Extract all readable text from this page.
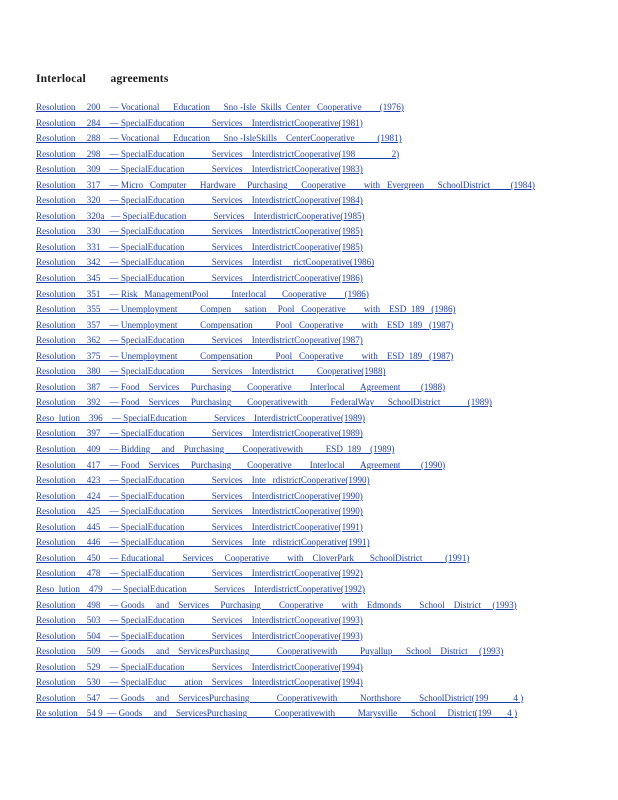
Interlocal        agreements
Resolution     200    — Vocational      Education      Sno -Isle  Skills  Center   Cooperative        (1976)
Resolution     284    — SpecialEducation            Services    InterdistrictCooperative(1981)
Resolution     288    — Vocational      Education      Sno -IsleSkills    CenterCooperative          (1981)
Resolution     298    — SpecialEducation            Services    InterdistrictCooperative(198                2)
Resolution     309    — SpecialEducation            Services    InterdistrictCooperative(1983)
Resolution     317    — Micro   Computer      Hardware     Purchasing      Cooperative        with   Evergreen      SchoolDistrict         (1984)
Resolution     320    — SpecialEducation            Services    InterdistrictCooperative(1984)
Resolution     320a   — SpecialEducation            Services    InterdistrictCooperative(1985)
Resolution     330    — SpecialEducation            Services    InterdistrictCooperative(1985)
Resolution     331    — SpecialEducation            Services    InterdistrictCooperative(1985)
Resolution     342    — SpecialEducation            Services    Interdist     rictCooperative(1986)
Resolution     345    — SpecialEducation            Services    InterdistrictCooperative(1986)
Resolution     351    — Risk   ManagementPool          Interlocal       Cooperative        (1986)
Resolution     355    — Unemployment          Compen      sation     Pool   Cooperative        with    ESD  189   (1986)
Resolution     357    — Unemployment          Compensation          Pool   Cooperative        with    ESD  189   (1987)
Resolution     362    — SpecialEducation            Services    InterdistrictCooperative(1987)
Resolution     375    — Unemployment          Compensation          Pool   Cooperative        with    ESD  189   (1987)
Resolution     380    — SpecialEducation            Services    Interdistrict          Cooperative(1988)
Resolution     387    — Food    Services     Purchasing       Cooperative        Interlocal       Agreement         (1988)
Resolution     392    — Food    Services     Purchasing       Cooperativewith          FederalWay      SchoolDistrict            (1989)
Reso  lution    396    — SpecialEducation            Services    InterdistrictCooperative(1989)
Resolution     397    — SpecialEducation            Services    InterdistrictCooperative(1989)
Resolution     409    — Bidding     and    Purchasing        Cooperativewith          ESD  189    (1989)
Resolution     417    — Food    Services     Purchasing       Cooperative        Interlocal       Agreement         (1990)
Resolution     423    — SpecialEducation            Services    Inte   rdistrictCooperative(1990)
Resolution     424    — SpecialEducation            Services    InterdistrictCooperative(1990)
Resolution     425    — SpecialEducation            Services    InterdistrictCooperative(1990)
Resolution     445    — SpecialEducation            Services    InterdistrictCooperative(1991)
Resolution     446    — SpecialEducation            Services    Inte   rdistrictCooperative(1991)
Resolution     450    — Educational        Services     Cooperative        with    CloverPark       SchoolDistrict          (1991)
Resolution     478    — SpecialEducation            Services    InterdistrictCooperative(1992)
Reso  lution    479    — SpecialEducation            Services    InterdistrictCooperative(1992)
Resolution     498    — Goods     and    Services     Purchasing        Cooperative        with    Edmonds        School    District     (1993)
Resolution     503    — SpecialEducation            Services    InterdistrictCooperative(1993)
Resolution     504    — SpecialEducation            Services    InterdistrictCooperative(1993)
Resolution     509    — Goods     and    ServicesPurchasing            Cooperativewith          Puyallup      School    District     (1993)
Resolution     529    — SpecialEducation            Services    InterdistrictCooperative(1994)
Resolution     530    — SpecialEduc        ation    Services    InterdistrictCooperative(1994)
Resolution     547    — Goods     and    ServicesPurchasing            Cooperativewith          Northshore        SchoolDistrict(199           4 )
Re solution    54 9  — Goods     and    ServicesPurchasing            Cooperativewith          Marysville      School     District(199       4 )
